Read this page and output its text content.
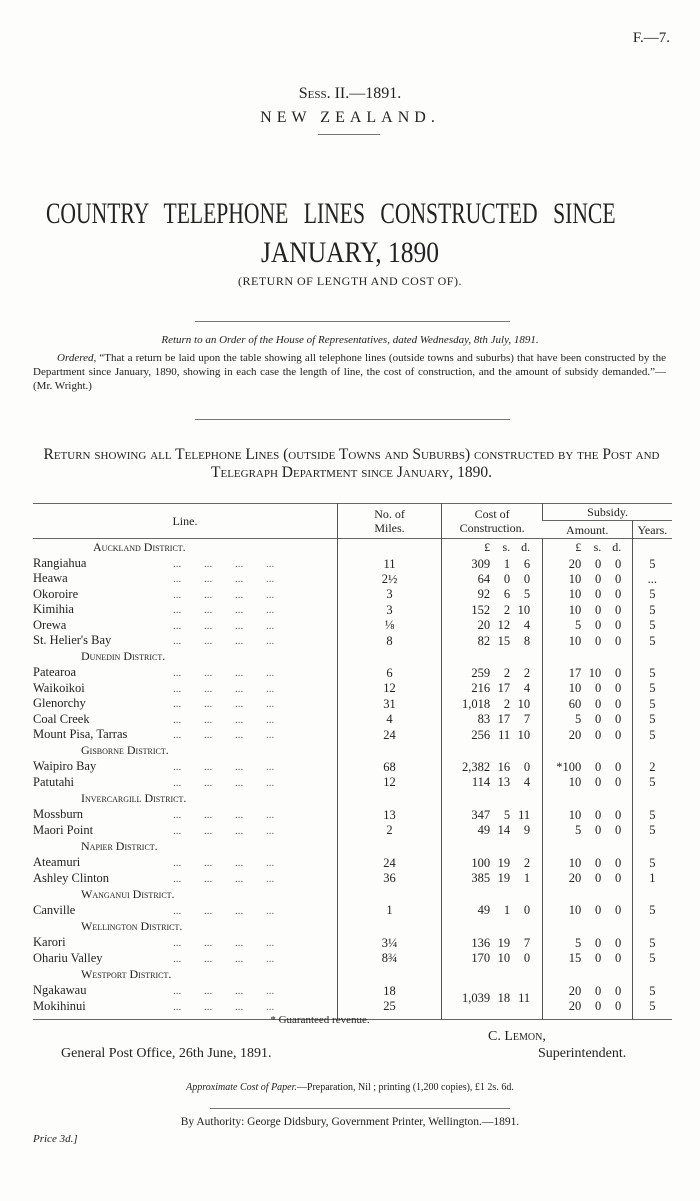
F.—7.
Sess. II.—1891.
NEW ZEALAND.
COUNTRY TELEPHONE LINES CONSTRUCTED SINCE
JANUARY, 1890
(RETURN OF LENGTH AND COST OF).
Return to an Order of the House of Representatives, dated Wednesday, 8th July, 1891.
Ordered, “That a return be laid upon the table showing all telephone lines (outside towns and suburbs) that have been constructed by the Department since January, 1890, showing in each case the length of line, the cost of construction, and the amount of subsidy demanded.”—(Mr. Wright.)
Return showing all Telephone Lines (outside Towns and Suburbs) constructed by the Post and Telegraph Department since January, 1890.
Line.	No. of Miles.	Cost of Construction.	Subsidy.	
			Amount.	Years.
Auckland District.		£ s. d.	£ s. d.	
Rangiahua ... ... ... ...	11	309 1 6	20 0 0	5
Heawa ... ... ... ...	2½	64 0 0	10 0 0	...
Okoroire ... ... ... ...	3	92 6 5	10 0 0	5
Kimihia ... ... ... ...	3	152 2 10	10 0 0	5
Orewa ... ... ... ...	⅛	20 12 4	5 0 0	5
St. Helier's Bay ... ... ... ...	8	82 15 8	10 0 0	5
Dunedin District.				
Patearoa ... ... ... ...	6	259 2 2	17 10 0	5
Waikoikoi ... ... ... ...	12	216 17 4	10 0 0	5
Glenorchy ... ... ... ...	31	1,018 2 10	60 0 0	5
Coal Creek ... ... ... ...	4	83 17 7	5 0 0	5
Mount Pisa, Tarras ... ... ... ...	24	256 11 10	20 0 0	5
Gisborne District.				
Waipiro Bay ... ... ... ...	68	2,382 16 0	*100 0 0	2
Patutahi ... ... ... ...	12	114 13 4	10 0 0	5
Invercargill District.				
Mossburn ... ... ... ...	13	347 5 11	10 0 0	5
Maori Point ... ... ... ...	2	49 14 9	5 0 0	5
Napier District.				
Ateamuri ... ... ... ...	24	100 19 2	10 0 0	5
Ashley Clinton ... ... ... ...	36	385 19 1	20 0 0	1
Wanganui District.				
Canville ... ... ... ...	1	49 1 0	10 0 0	5
Wellington District.				
Karori ... ... ... ...	3¼	136 19 7	5 0 0	5
Ohariu Valley ... ... ... ...	8¾	170 10 0	15 0 0	5
Westport District.				
Ngakawau ... ... ... ...	18	1,039 18 11	20 0 0	5
Mokihinui ... ... ... ...	25		20 0 0	5

* Guaranteed revenue.
C. Lemon,
Superintendent.
General Post Office, 26th June, 1891.
Approximate Cost of Paper.—Preparation, Nil ; printing (1,200 copies), £1 2s. 6d.
By Authority: George Didsbury, Government Printer, Wellington.—1891.
Price 3d.]
